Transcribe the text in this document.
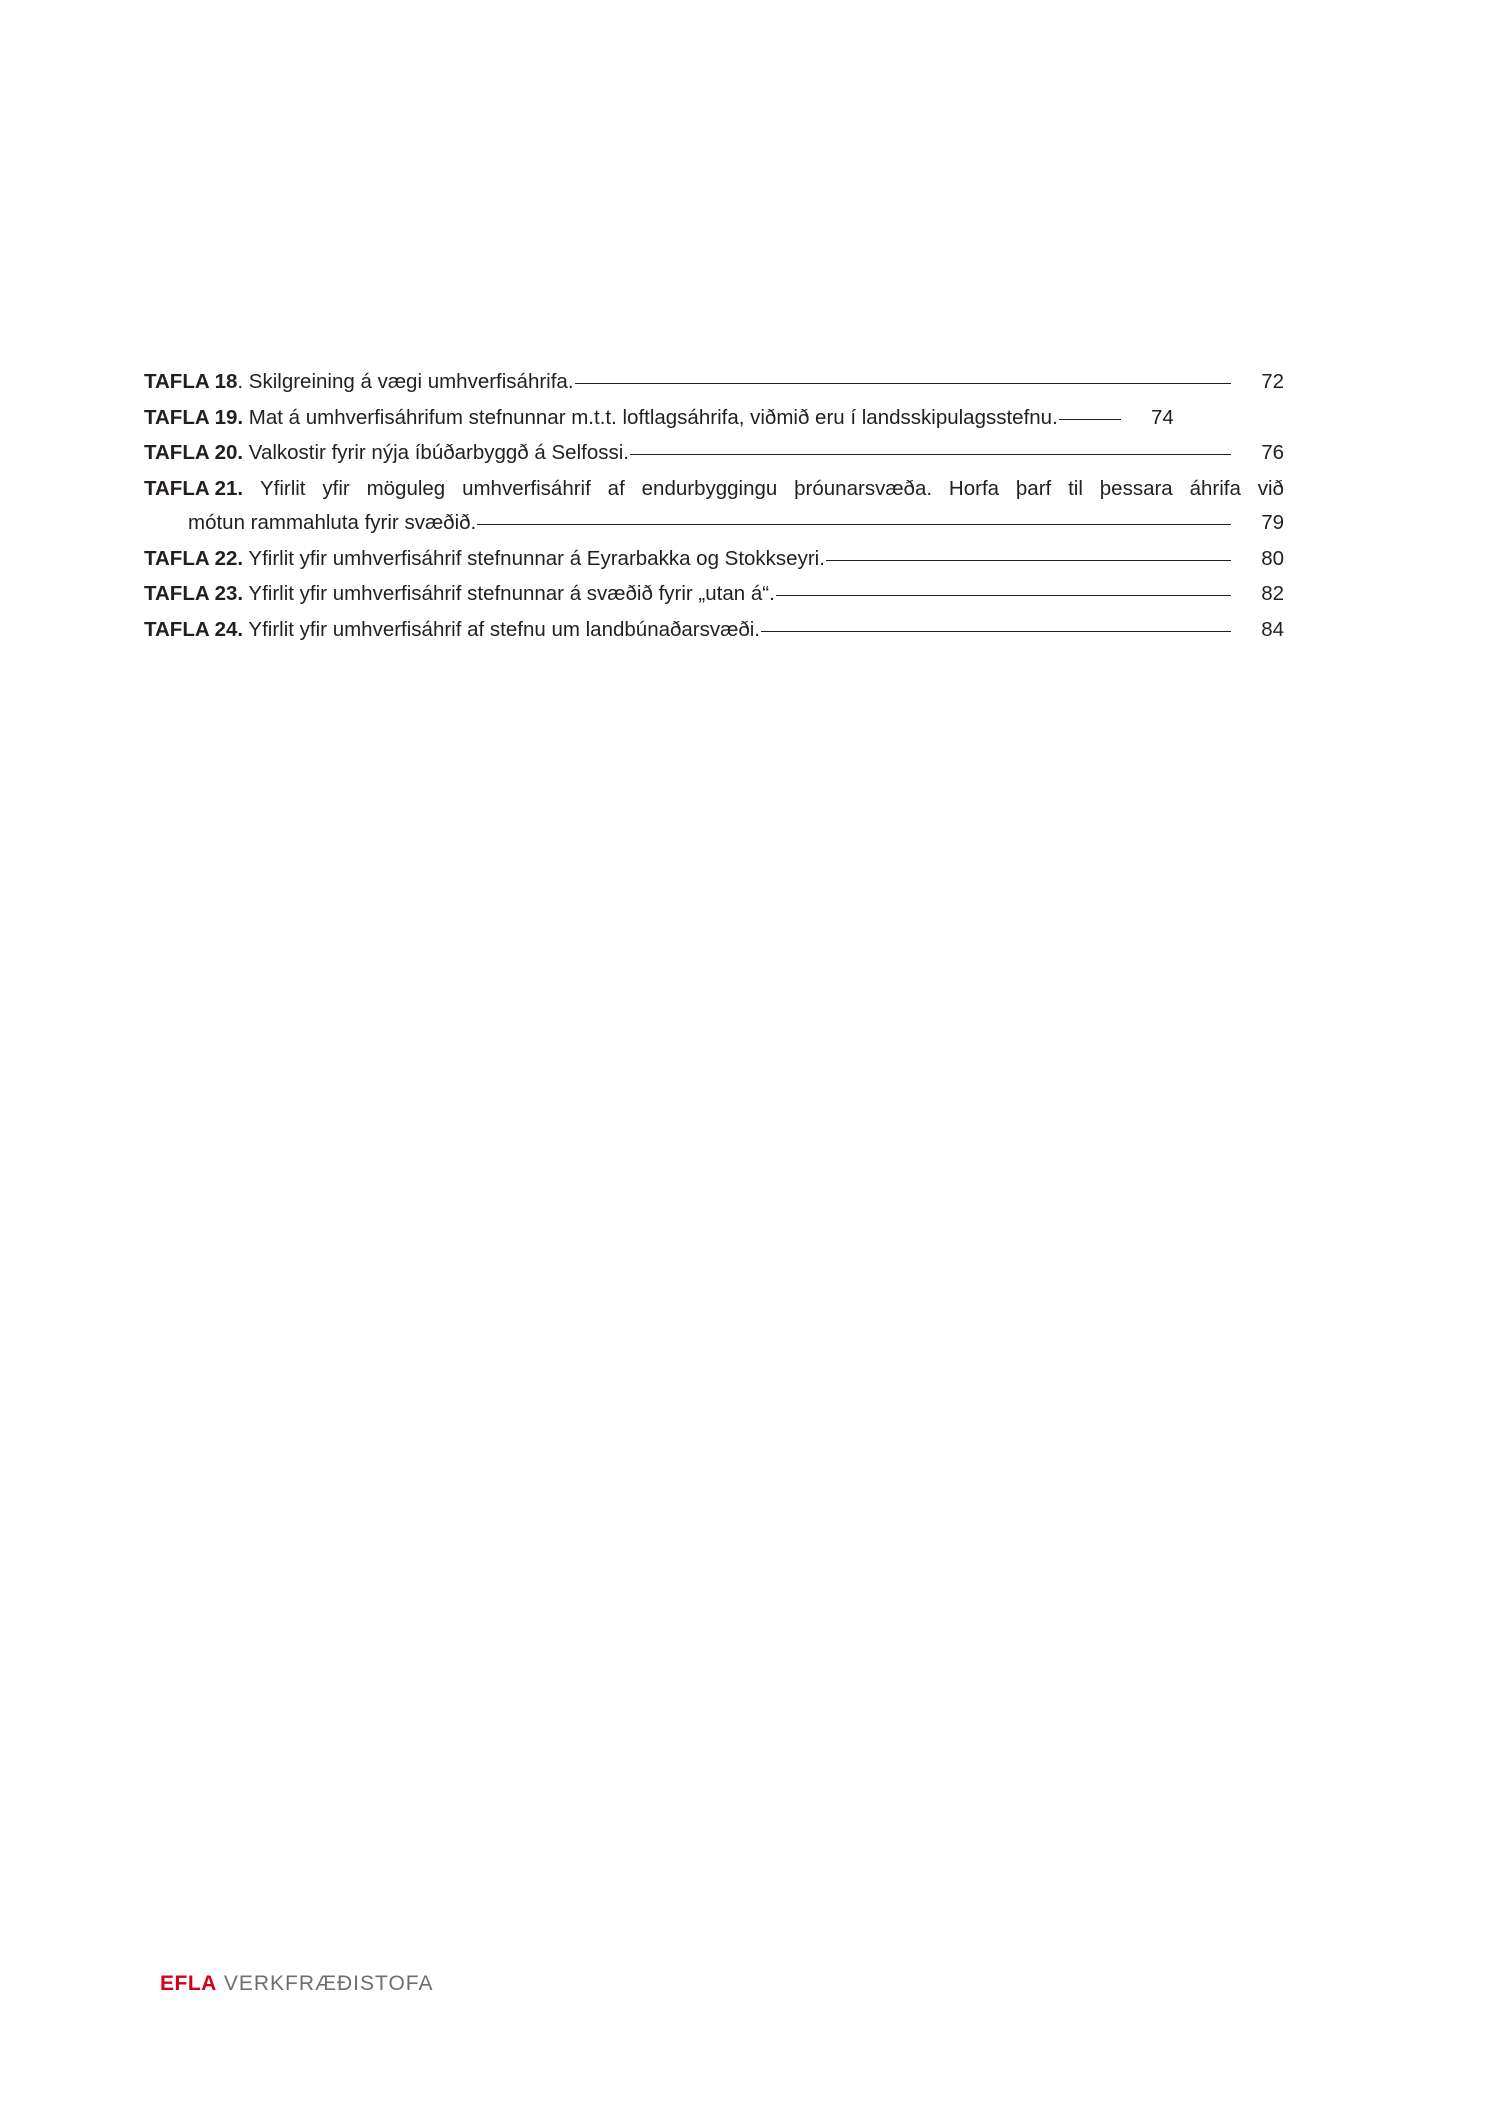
TAFLA 18 . Skilgreining á vægi umhverfisáhrifa.	72
TAFLA 19. Mat á umhverfisáhrifum stefnunnar m.t.t. loftlagsáhrifa, viðmið eru í landsskipulagsstefnu.	74
TAFLA 20. Valkostir fyrir nýja íbúðarbyggð á Selfossi.	76
TAFLA 21. Yfirlit yfir möguleg umhverfisáhrif af endurbyggingu þróunarsvæða. Horfa þarf til þessara áhrifa við
mótun rammahluta fyrir svæðið.	79
TAFLA 22. Yfirlit yfir umhverfisáhrif stefnunnar á Eyrarbakka og Stokkseyri.	80
TAFLA 23. Yfirlit yfir umhverfisáhrif stefnunnar á svæðið fyrir „utan á“.	82
TAFLA 24. Yfirlit yfir umhverfisáhrif af stefnu um landbúnaðarsvæði.	84
EFLA VERKFRÆÐISTOFA
